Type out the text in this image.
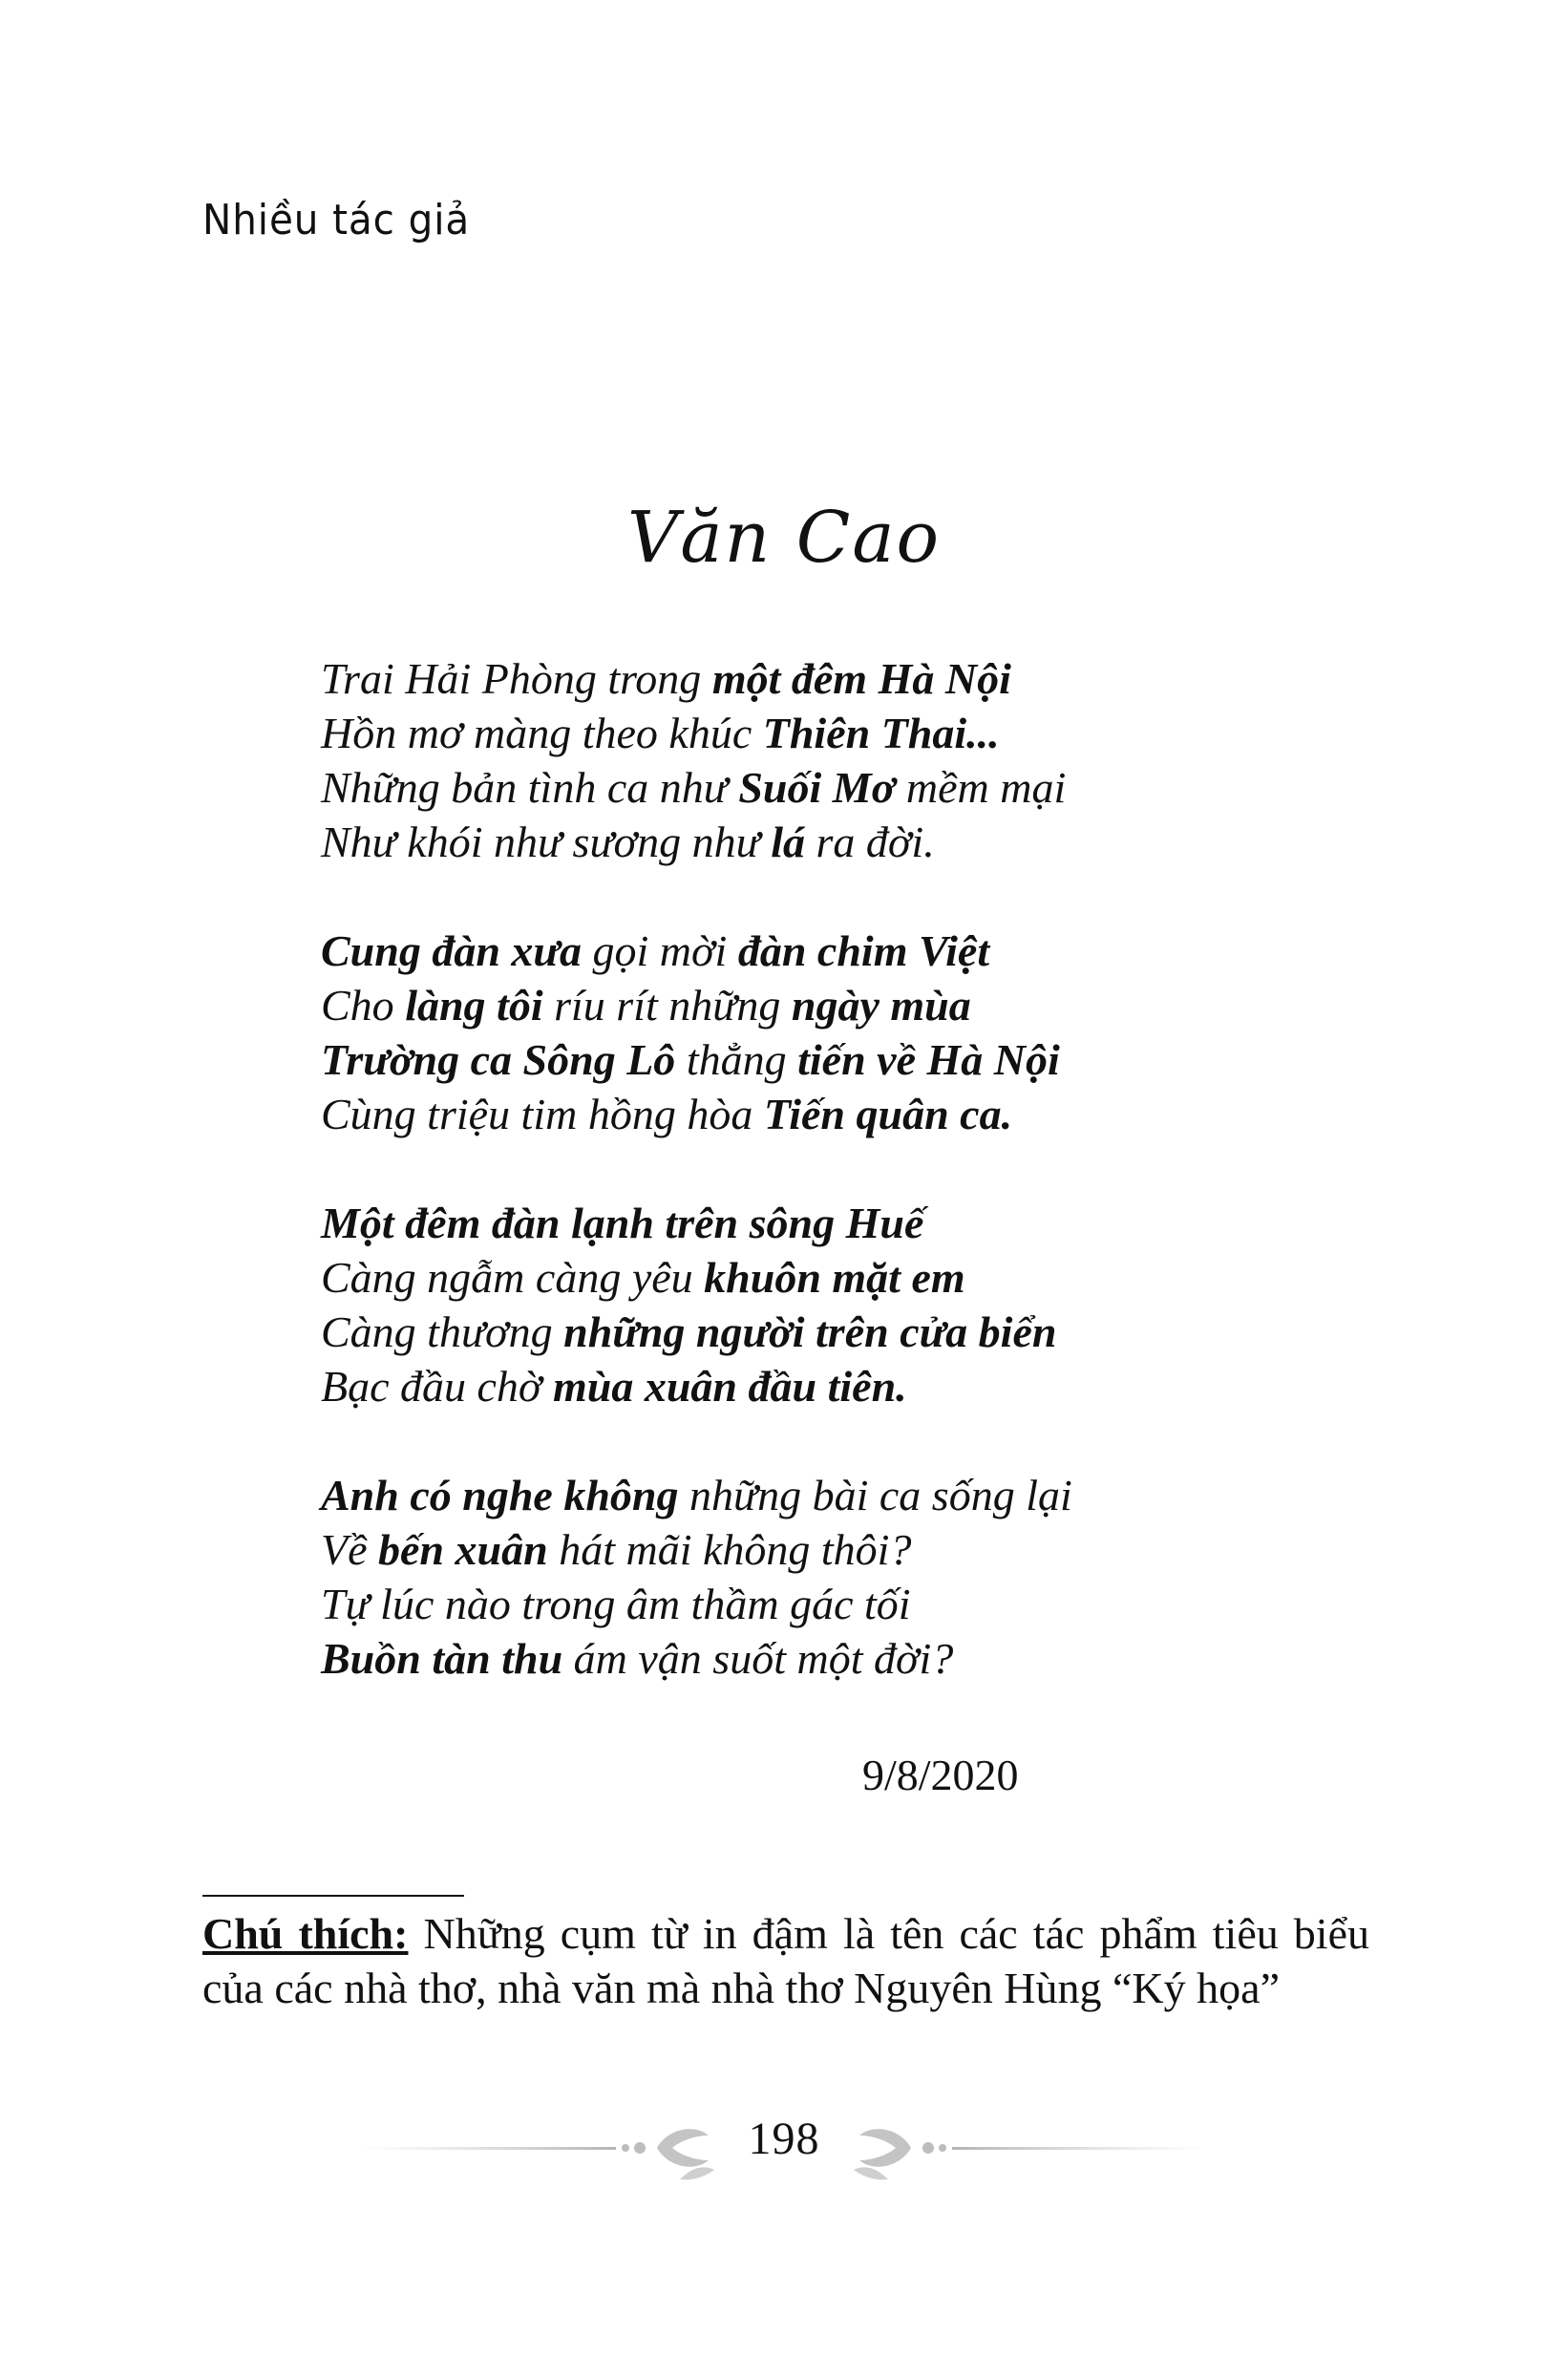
Nhiều tác giả
Văn Cao
Trai Hải Phòng trong một đêm Hà Nội
Hồn mơ màng theo khúc Thiên Thai...
Những bản tình ca như Suối Mơ mềm mại
Như khói như sương như lá ra đời.
Cung đàn xưa gọi mời đàn chim Việt
Cho làng tôi ríu rít những ngày mùa
Trường ca Sông Lô thẳng tiến về Hà Nội
Cùng triệu tim hồng hòa Tiến quân ca.
Một đêm đàn lạnh trên sông Huế
Càng ngẫm càng yêu khuôn mặt em
Càng thương những người trên cửa biển
Bạc đầu chờ mùa xuân đầu tiên.
Anh có nghe không những bài ca sống lại
Về bến xuân hát mãi không thôi?
Tự lúc nào trong âm thầm gác tối
Buồn tàn thu ám vận suốt một đời?
9/8/2020
Chú thích: Những cụm từ in đậm là tên các tác phẩm tiêu biểu của các nhà thơ, nhà văn mà nhà thơ Nguyên Hùng “Ký họa”
198
